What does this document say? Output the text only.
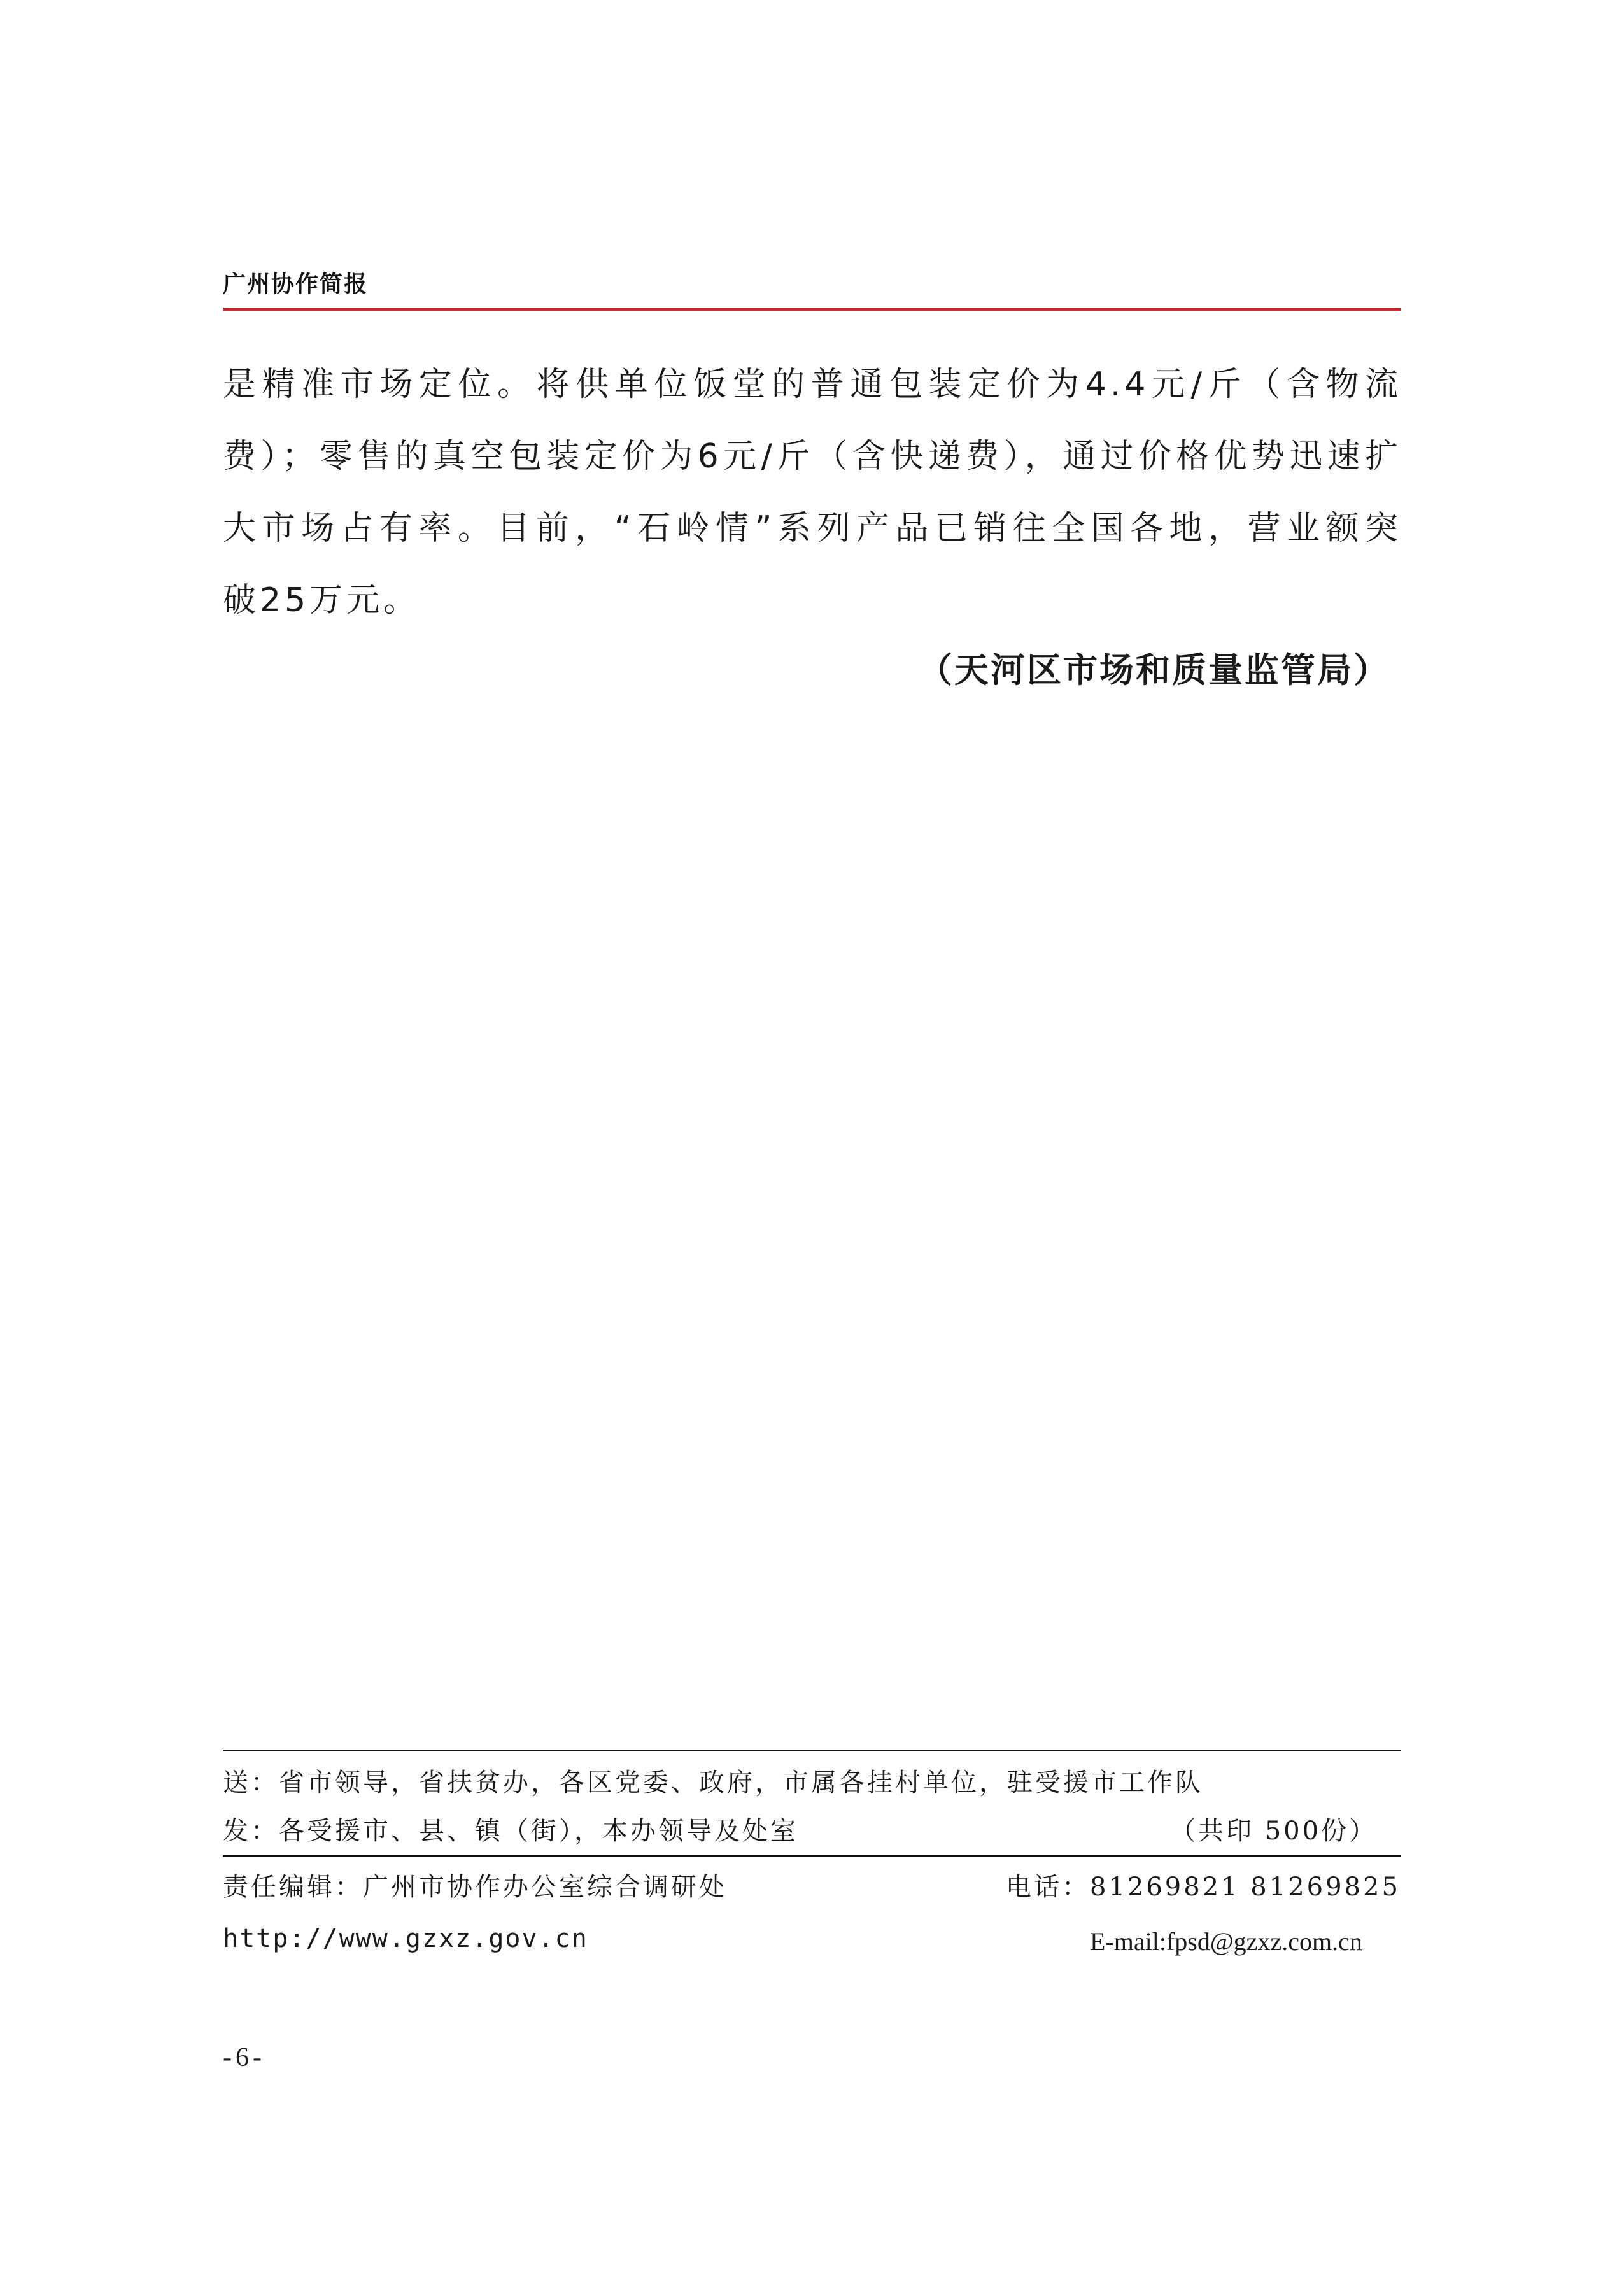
广州协作简报
是精准市场定位。将供单位饭堂的普通包装定价为4.4元/斤（含物流
费）；零售的真空包装定价为6元/斤（含快递费），通过价格优势迅速扩
大市场占有率。目前，“石岭情”系列产品已销往全国各地，营业额突
破25万元。
（天河区市场和质量监管局）
送：省市领导，省扶贫办，各区党委、政府，市属各挂村单位，驻受援市工作队
发：各受援市、县、镇（街），本办领导及处室	（共印 500份）
责任编辑：广州市协作办公室综合调研处	电话：81269821 81269825
http://www.gzxz.gov.cn	E-mail:fpsd@gzxz.com.cn
-6-
